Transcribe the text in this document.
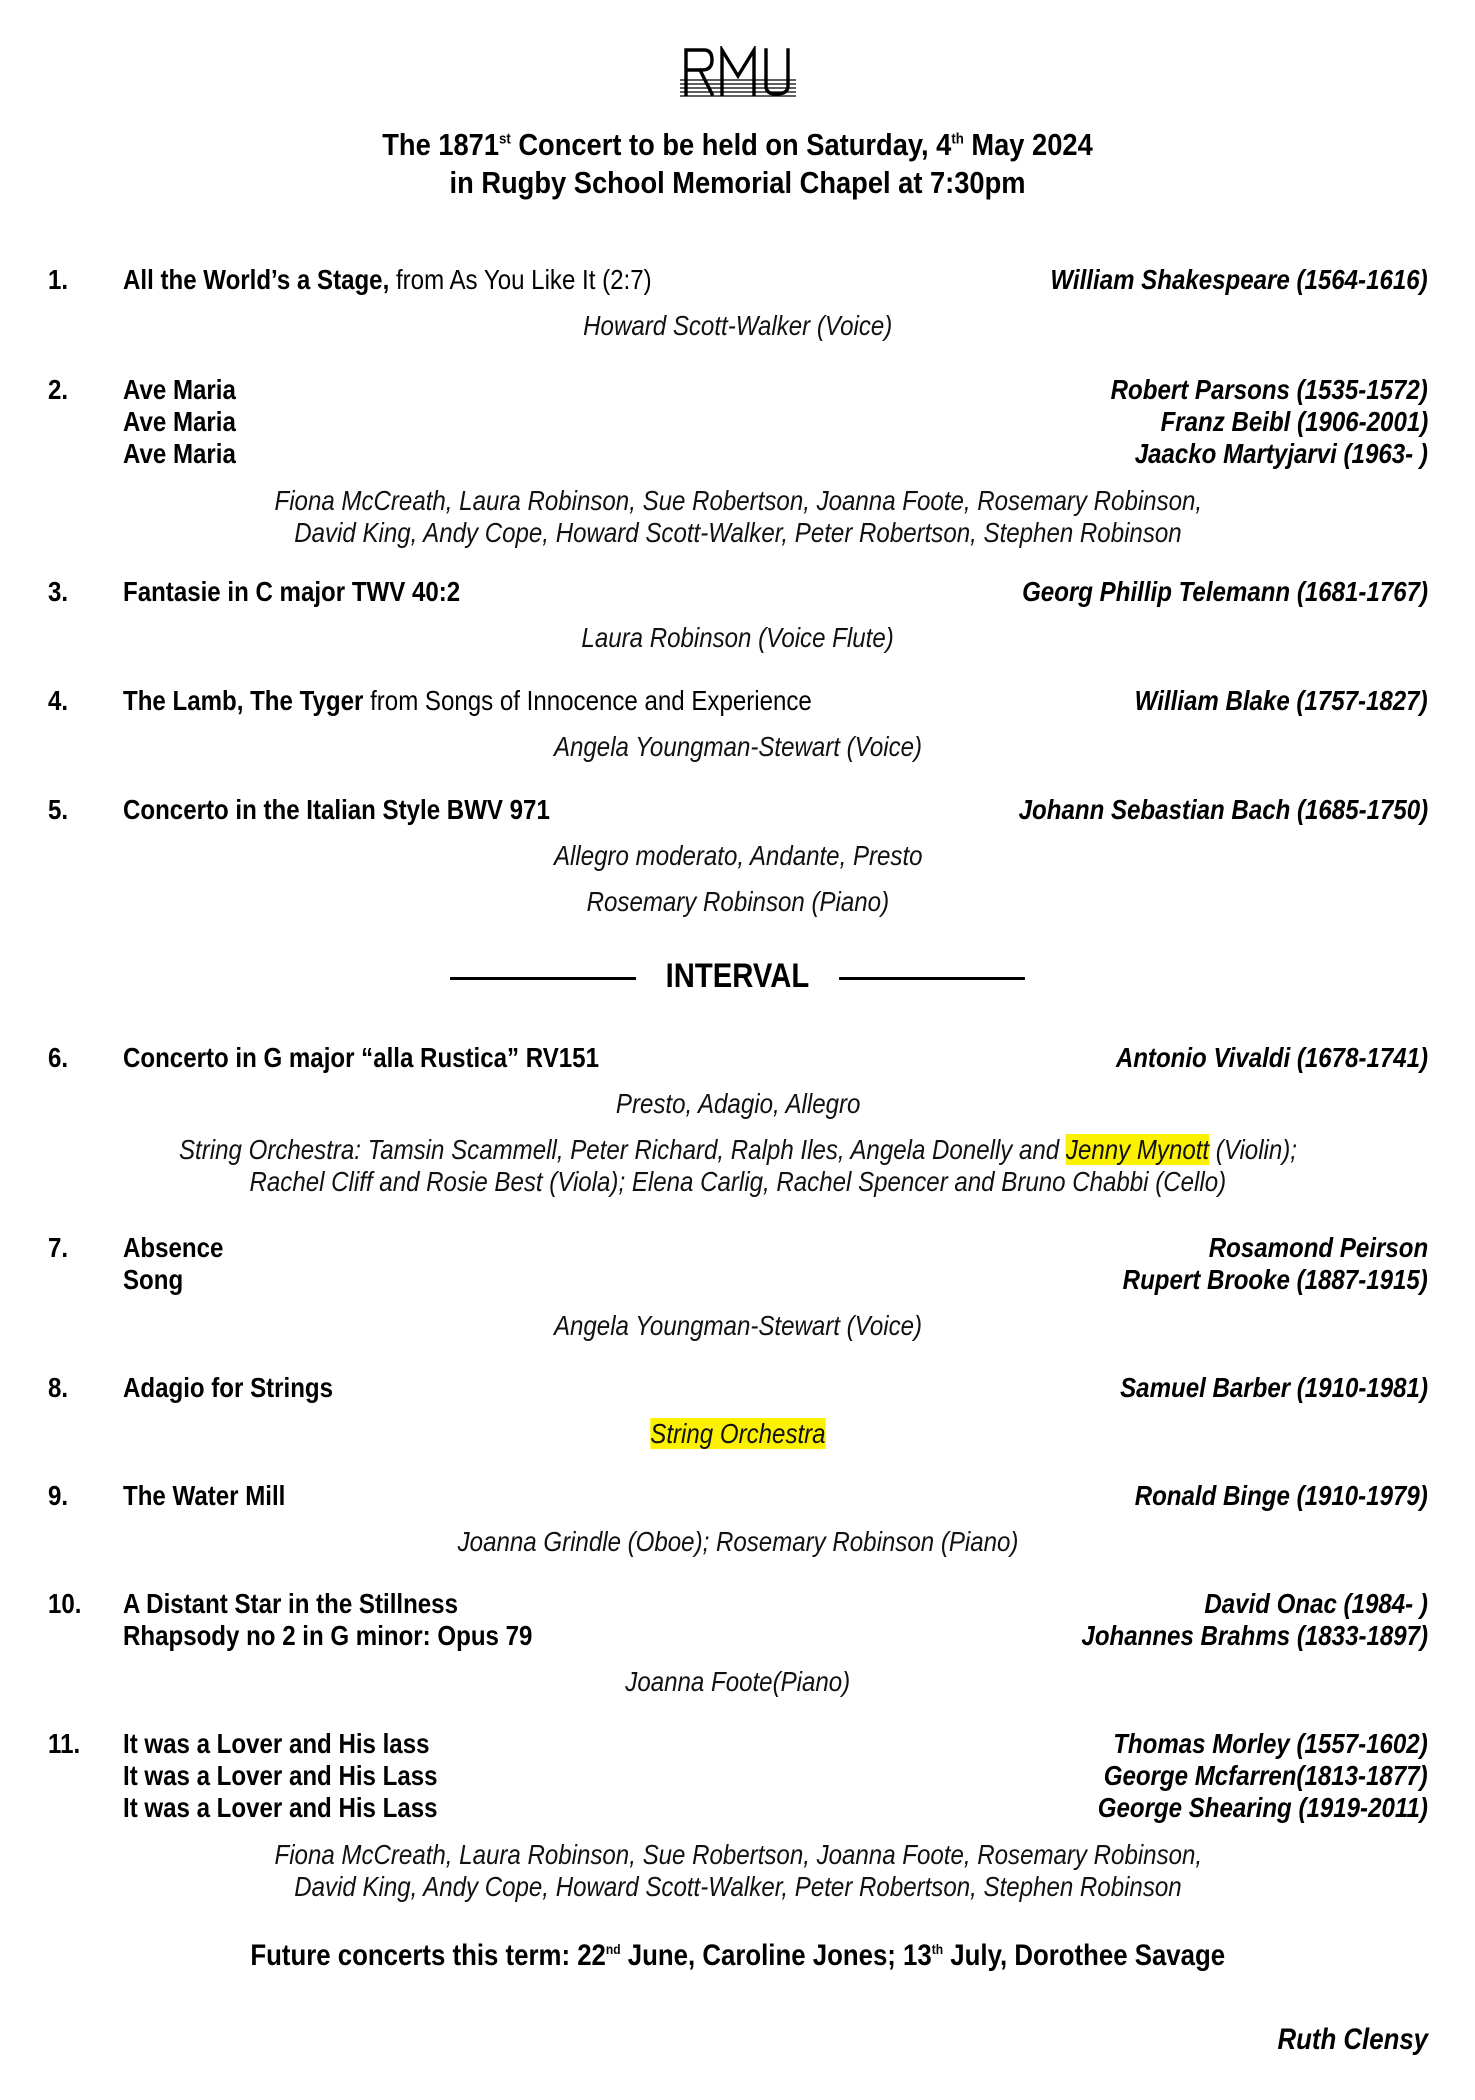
RMU
The 1871st Concert to be held on Saturday, 4th May 2024
in Rugby School Memorial Chapel at 7:30pm
1. All the World’s a Stage, from As You Like It (2:7)	William Shakespeare (1564-1616)
Howard Scott-Walker (Voice)
2. Ave Maria	Robert Parsons (1535-1572)
Ave Maria	Franz Beibl (1906-2001)
Ave Maria	Jaacko Martyjarvi (1963- )
Fiona McCreath, Laura Robinson, Sue Robertson, Joanna Foote, Rosemary Robinson,
David King, Andy Cope, Howard Scott-Walker, Peter Robertson, Stephen Robinson
3. Fantasie in C major TWV 40:2	Georg Phillip Telemann (1681-1767)
Laura Robinson (Voice Flute)
4. The Lamb, The Tyger from Songs of Innocence and Experience	William Blake (1757-1827)
Angela Youngman-Stewart (Voice)
5. Concerto in the Italian Style BWV 971	Johann Sebastian Bach (1685-1750)
Allegro moderato, Andante, Presto
Rosemary Robinson (Piano)
INTERVAL
6. Concerto in G major “alla Rustica” RV151	Antonio Vivaldi (1678-1741)
Presto, Adagio, Allegro
String Orchestra: Tamsin Scammell, Peter Richard, Ralph Iles, Angela Donelly and Jenny Mynott (Violin);
Rachel Cliff and Rosie Best (Viola); Elena Carlig, Rachel Spencer and Bruno Chabbi (Cello)
7. Absence	Rosamond Peirson
Song	Rupert Brooke (1887-1915)
Angela Youngman-Stewart (Voice)
8. Adagio for Strings	Samuel Barber (1910-1981)
String Orchestra
9. The Water Mill	Ronald Binge (1910-1979)
Joanna Grindle (Oboe); Rosemary Robinson (Piano)
10. A Distant Star in the Stillness	David Onac (1984- )
Rhapsody no 2 in G minor: Opus 79	Johannes Brahms (1833-1897)
Joanna Foote(Piano)
11. It was a Lover and His lass	Thomas Morley (1557-1602)
It was a Lover and His Lass	George Mcfarren(1813-1877)
It was a Lover and His Lass	George Shearing (1919-2011)
Fiona McCreath, Laura Robinson, Sue Robertson, Joanna Foote, Rosemary Robinson,
David King, Andy Cope, Howard Scott-Walker, Peter Robertson, Stephen Robinson
Future concerts this term: 22nd June, Caroline Jones; 13th July, Dorothee Savage
Ruth Clensy
